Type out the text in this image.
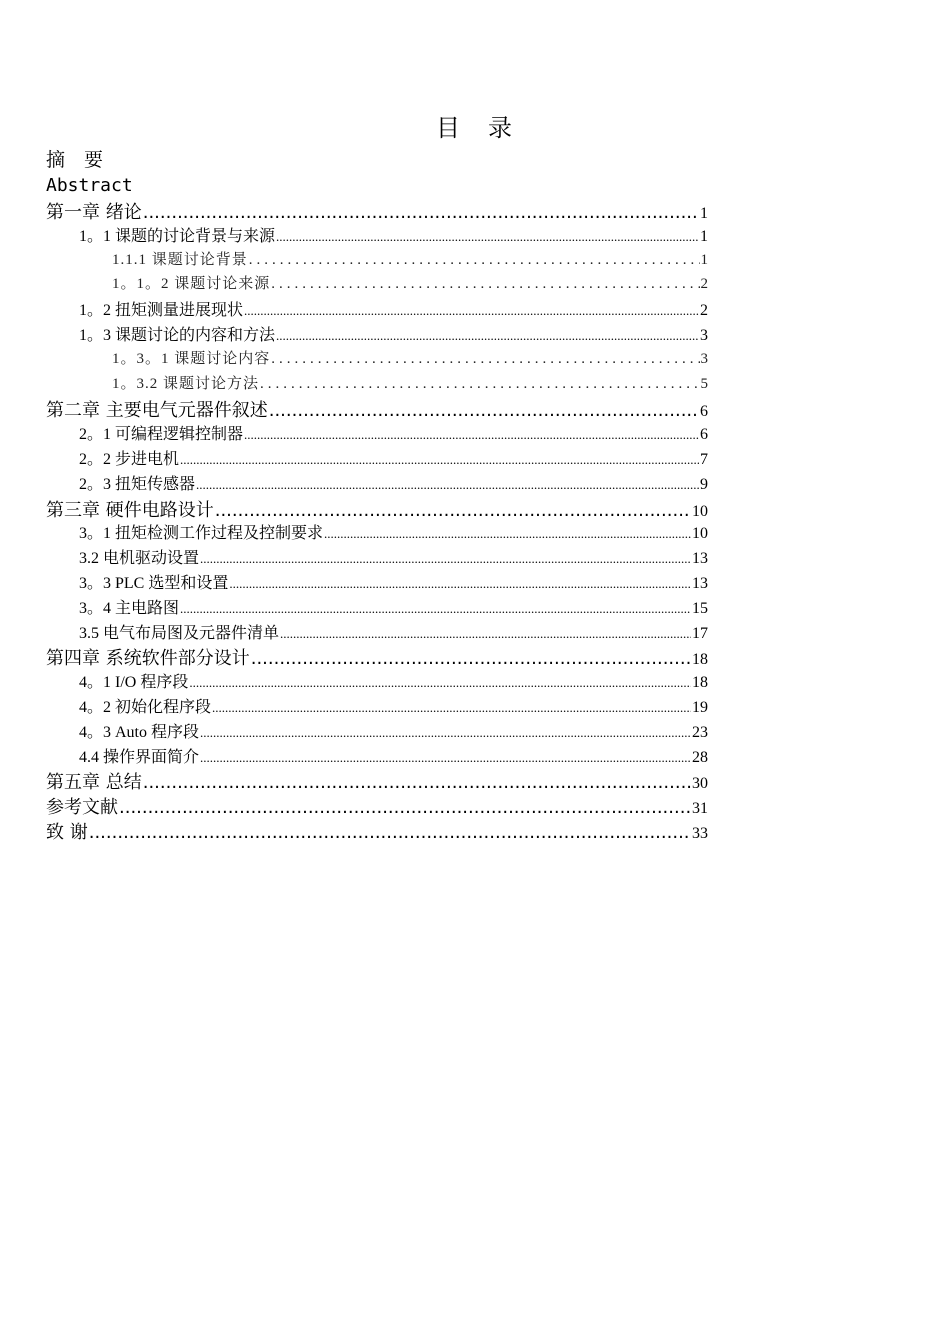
目　录
摘　要
Abstract
第一章 绪论 .....	1
1。1 课题的讨论背景与来源 .....	1
1.1.1 课题讨论背景 .....	1
1。1。2 课题讨论来源 .....	2
1。2 扭矩测量进展现状 .....	2
1。3 课题讨论的内容和方法 .....	3
1。3。1 课题讨论内容 .....	3
1。3.2 课题讨论方法 .....	5
第二章 主要电气元器件叙述 .....	6
2。1 可编程逻辑控制器 .....	6
2。2 步进电机 .....	7
2。3 扭矩传感器 .....	9
第三章 硬件电路设计 .....	10
3。1 扭矩检测工作过程及控制要求 .....	10
3.2 电机驱动设置 .....	13
3。3 PLC 选型和设置 .....	13
3。4 主电路图 .....	15
3.5 电气布局图及元器件清单 .....	17
第四章 系统软件部分设计 .....	18
4。1 I/O 程序段 .....	18
4。2 初始化程序段 .....	19
4。3 Auto 程序段 .....	23
4.4 操作界面简介 .....	28
第五章 总结 .....	30
参考文献 .....	31
致 谢 .....	33
